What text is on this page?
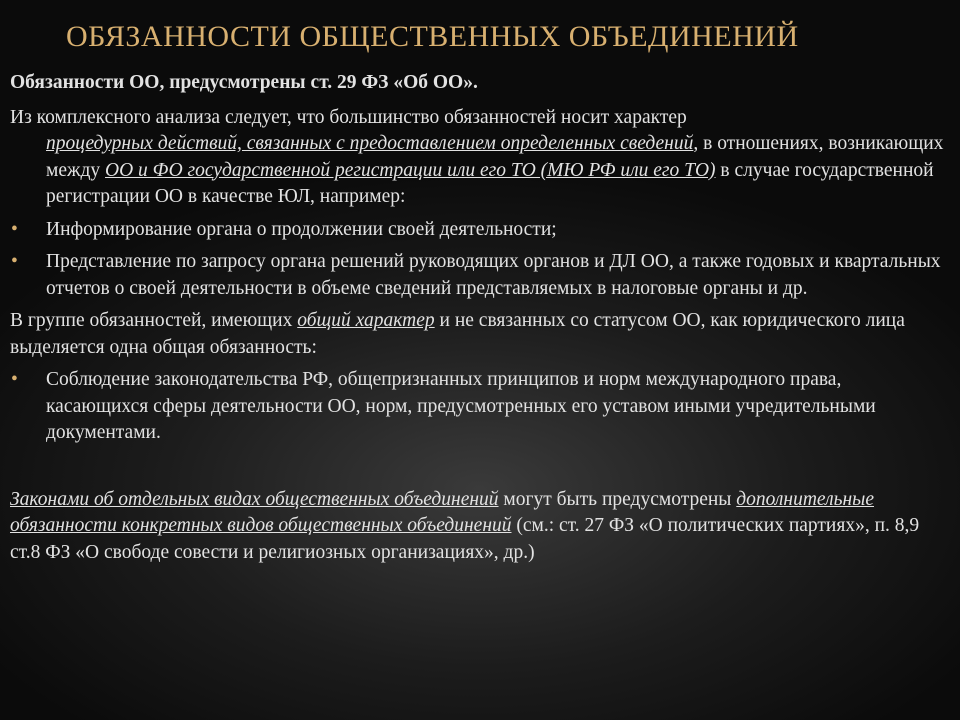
ОБЯЗАННОСТИ ОБЩЕСТВЕННЫХ ОБЪЕДИНЕНИЙ

Обязанности ОО, предусмотрены ст. 29 ФЗ «Об ОО».

Из комплексного анализа следует, что большинство обязанностей носит характер
процедурных действий, связанных с предоставлением определенных сведений, в отношениях, возникающих между ОО и ФО государственной регистрации или его ТО (МЮ РФ или его ТО) в случае государственной регистрации ОО в качестве ЮЛ, например:

• Информирование органа о продолжении своей деятельности;
• Представление по запросу органа решений руководящих органов и ДЛ ОО, а также годовых и квартальных отчетов о своей деятельности в объеме сведений представляемых в налоговые органы и др.

В группе обязанностей, имеющих общий характер и не связанных со статусом ОО, как юридического лица выделяется одна общая обязанность:

• Соблюдение законодательства РФ, общепризнанных принципов и норм международного права, касающихся сферы деятельности ОО, норм, предусмотренных его уставом иными учредительными документами.

Законами об отдельных видах общественных объединений могут быть предусмотрены дополнительные обязанности конкретных видов общественных объединений (см.: ст. 27 ФЗ «О политических партиях», п. 8,9 ст.8 ФЗ «О свободе совести и религиозных организациях», др.)
